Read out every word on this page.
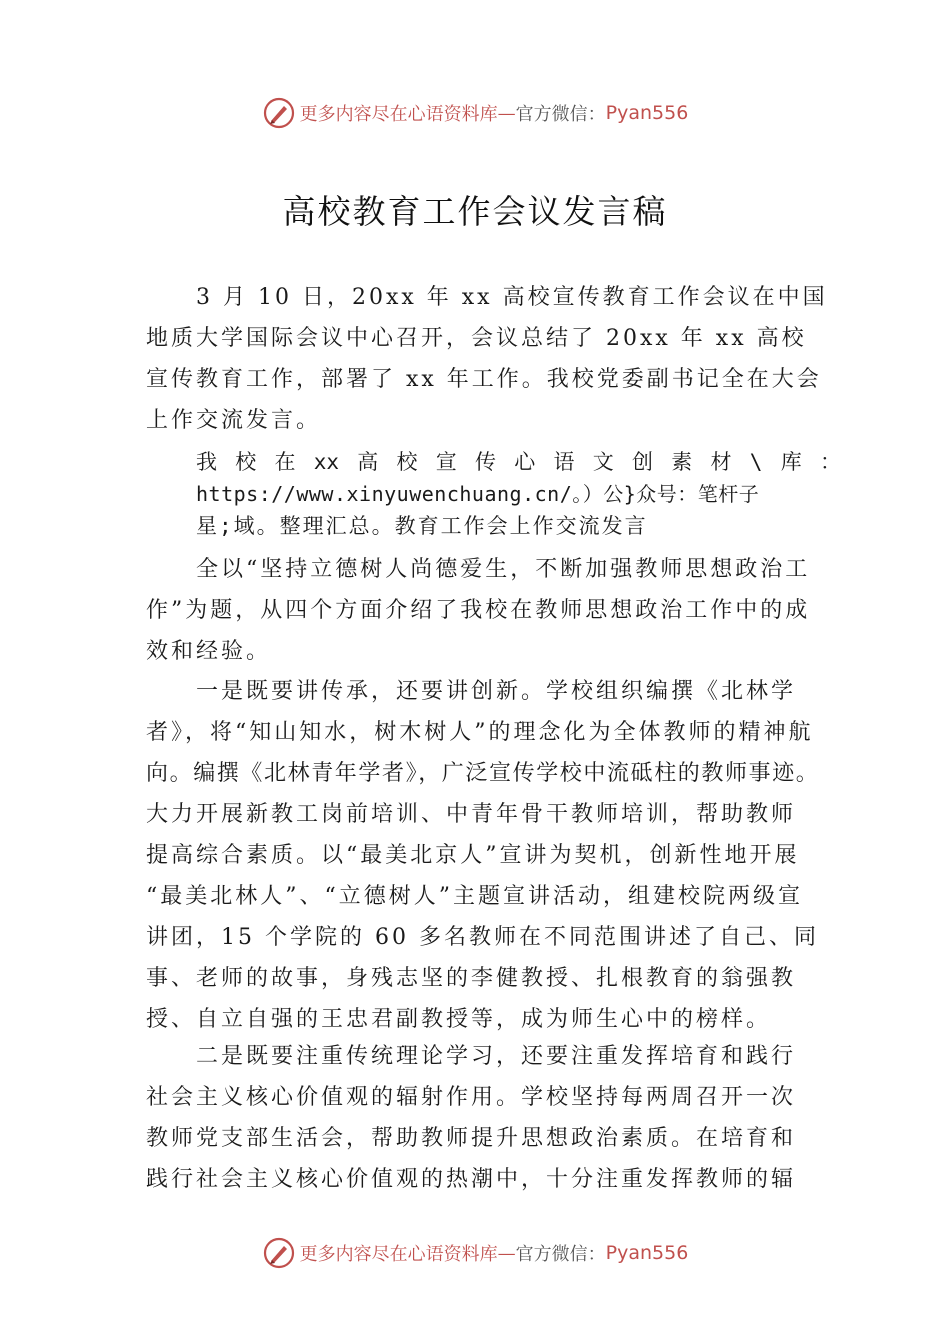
更多内容尽在心语资料库 — 官方微信： Pyan556
高校教育工作会议发言稿
3 月 10 日，20xx 年 xx 高校宣传教育工作会议在中国
地质大学国际会议中心召开，会议总结了 20xx 年 xx 高校
宣传教育工作，部署了 xx 年工作。我校党委副书记全在大会
上作交流发言。
我 校 在 xx 高 校 宣 传 心 语 文 创 素 材 \ 库 ：
https://www.xinyuwenchuang.cn/。）公}众号：笔杆子
星;域。整理汇总。教育工作会上作交流发言
全以“坚持立德树人尚德爱生，不断加强教师思想政治工
作”为题，从四个方面介绍了我校在教师思想政治工作中的成
效和经验。
一是既要讲传承，还要讲创新。学校组织编撰《北林学
者》，将“知山知水，树木树人”的理念化为全体教师的精神航
向。编撰《北林青年学者》，广泛宣传学校中流砥柱的教师事迹。
大力开展新教工岗前培训、中青年骨干教师培训，帮助教师
提高综合素质。以“最美北京人”宣讲为契机，创新性地开展
“最美北林人”、“立德树人”主题宣讲活动，组建校院两级宣
讲团，15 个学院的 60 多名教师在不同范围讲述了自己、同
事、老师的故事，身残志坚的李健教授、扎根教育的翁强教
授、自立自强的王忠君副教授等，成为师生心中的榜样。
二是既要注重传统理论学习，还要注重发挥培育和践行
社会主义核心价值观的辐射作用。学校坚持每两周召开一次
教师党支部生活会，帮助教师提升思想政治素质。在培育和
践行社会主义核心价值观的热潮中，十分注重发挥教师的辐
更多内容尽在心语资料库 — 官方微信： Pyan556
